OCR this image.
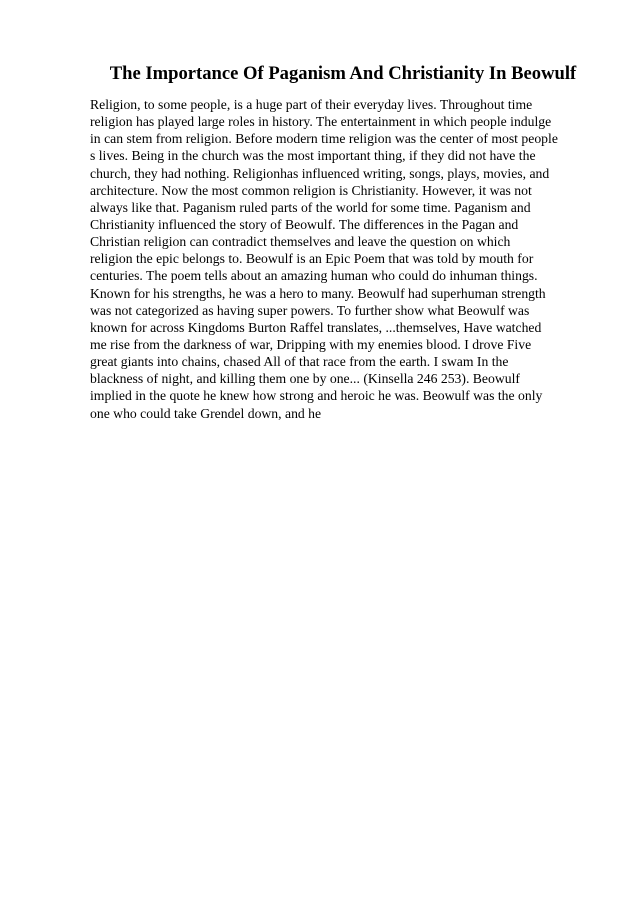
The Importance Of Paganism And Christianity In Beowulf
Religion, to some people, is a huge part of their everyday lives. Throughout time
religion has played large roles in history. The entertainment in which people indulge
in can stem from religion. Before modern time religion was the center of most people
s lives. Being in the church was the most important thing, if they did not have the
church, they had nothing. Religionhas influenced writing, songs, plays, movies, and
architecture. Now the most common religion is Christianity. However, it was not
always like that. Paganism ruled parts of the world for some time. Paganism and
Christianity influenced the story of Beowulf. The differences in the Pagan and
Christian religion can contradict themselves and leave the question on which
religion the epic belongs to. Beowulf is an Epic Poem that was told by mouth for
centuries. The poem tells about an amazing human who could do inhuman things.
Known for his strengths, he was a hero to many. Beowulf had superhuman strength
was not categorized as having super powers. To further show what Beowulf was
known for across Kingdoms Burton Raffel translates, ...themselves, Have watched
me rise from the darkness of war, Dripping with my enemies blood. I drove Five
great giants into chains, chased All of that race from the earth. I swam In the
blackness of night, and killing them one by one... (Kinsella 246 253). Beowulf
implied in the quote he knew how strong and heroic he was. Beowulf was the only
one who could take Grendel down, and he
